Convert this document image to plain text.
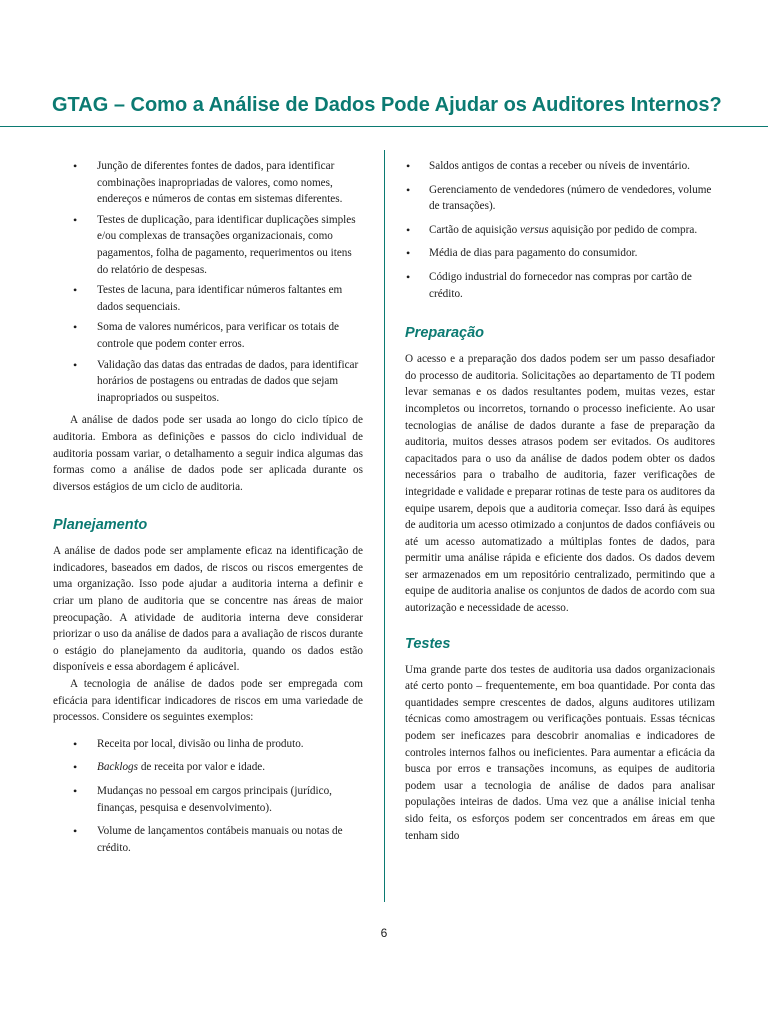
GTAG – Como a Análise de Dados Pode Ajudar os Auditores Internos?
• Junção de diferentes fontes de dados, para identificar combinações inapropriadas de valores, como nomes, endereços e números de contas em sistemas diferentes.
• Testes de duplicação, para identificar duplicações simples e/ou complexas de transações organizacionais, como pagamentos, folha de pagamento, requerimentos ou itens do relatório de despesas.
• Testes de lacuna, para identificar números faltantes em dados sequenciais.
• Soma de valores numéricos, para verificar os totais de controle que podem conter erros.
• Validação das datas das entradas de dados, para identificar horários de postagens ou entradas de dados que sejam inapropriados ou suspeitos.

A análise de dados pode ser usada ao longo do ciclo típico de auditoria. Embora as definições e passos do ciclo individual de auditoria possam variar, o detalhamento a seguir indica algumas das formas como a análise de dados pode ser aplicada durante os diversos estágios de um ciclo de auditoria.

Planejamento

A análise de dados pode ser amplamente eficaz na identificação de indicadores, baseados em dados, de riscos ou riscos emergentes de uma organização. Isso pode ajudar a auditoria interna a definir e criar um plano de auditoria que se concentre nas áreas de maior preocupação. A atividade de auditoria interna deve considerar priorizar o uso da análise de dados para a avaliação de riscos durante o estágio do planejamento da auditoria, quando os dados estão disponíveis e essa abordagem é aplicável.

A tecnologia de análise de dados pode ser empregada com eficácia para identificar indicadores de riscos em uma variedade de processos. Considere os seguintes exemplos:

• Receita por local, divisão ou linha de produto.
• Backlogs de receita por valor e idade.
• Mudanças no pessoal em cargos principais (jurídico, finanças, pesquisa e desenvolvimento).
• Volume de lançamentos contábeis manuais ou notas de crédito.
• Saldos antigos de contas a receber ou níveis de inventário.
• Gerenciamento de vendedores (número de vendedores, volume de transações).
• Cartão de aquisição versus aquisição por pedido de compra.
• Média de dias para pagamento do consumidor.
• Código industrial do fornecedor nas compras por cartão de crédito.
Preparação

O acesso e a preparação dos dados podem ser um passo desafiador do processo de auditoria. Solicitações ao departamento de TI podem levar semanas e os dados resultantes podem, muitas vezes, estar incompletos ou incorretos, tornando o processo ineficiente. Ao usar tecnologias de análise de dados durante a fase de preparação da auditoria, muitos desses atrasos podem ser evitados. Os auditores capacitados para o uso da análise de dados podem obter os dados necessários para o trabalho de auditoria, fazer verificações de integridade e validade e preparar rotinas de teste para os auditores da equipe usarem, depois que a auditoria começar. Isso dará às equipes de auditoria um acesso otimizado a conjuntos de dados confiáveis ou até um acesso automatizado a múltiplas fontes de dados, para permitir uma análise rápida e eficiente dos dados. Os dados devem ser armazenados em um repositório centralizado, permitindo que a equipe de auditoria analise os conjuntos de dados de acordo com sua autorização e necessidade de acesso.

Testes

Uma grande parte dos testes de auditoria usa dados organizacionais até certo ponto – frequentemente, em boa quantidade. Por conta das quantidades sempre crescentes de dados, alguns auditores utilizam técnicas como amostragem ou verificações pontuais. Essas técnicas podem ser ineficazes para descobrir anomalias e indicadores de controles internos falhos ou ineficientes. Para aumentar a eficácia da busca por erros e transações incomuns, as equipes de auditoria podem usar a tecnologia de análise de dados para analisar populações inteiras de dados. Uma vez que a análise inicial tenha sido feita, os esforços podem ser concentrados em áreas em que tenham sido

6
